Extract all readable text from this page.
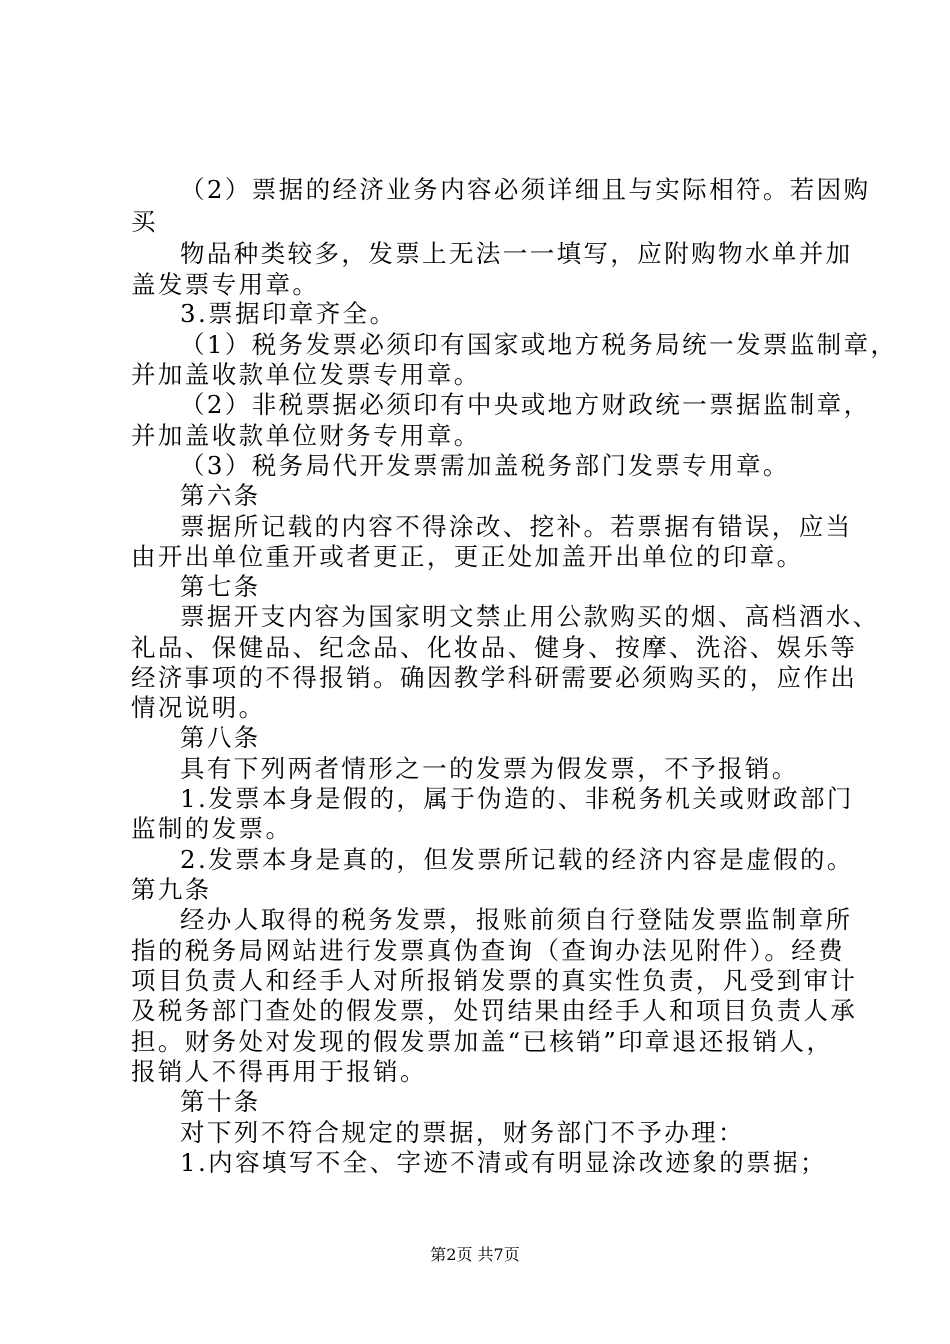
（2）票据的经济业务内容必须详细且与实际相符。若因购
买
物品种类较多，发票上无法一一填写，应附购物水单并加
盖发票专用章。
3.票据印章齐全。
（1）税务发票必须印有国家或地方税务局统一发票监制章，
并加盖收款单位发票专用章。
（2）非税票据必须印有中央或地方财政统一票据监制章，
并加盖收款单位财务专用章。
（3）税务局代开发票需加盖税务部门发票专用章。
第六条
票据所记载的内容不得涂改、挖补。若票据有错误，应当
由开出单位重开或者更正，更正处加盖开出单位的印章。
第七条
票据开支内容为国家明文禁止用公款购买的烟、高档酒水、
礼品、保健品、纪念品、化妆品、健身、按摩、洗浴、娱乐等
经济事项的不得报销。确因教学科研需要必须购买的，应作出
情况说明。
第八条
具有下列两者情形之一的发票为假发票，不予报销。
1.发票本身是假的，属于伪造的、非税务机关或财政部门
监制的发票。
2.发票本身是真的，但发票所记载的经济内容是虚假的。
第九条
经办人取得的税务发票，报账前须自行登陆发票监制章所
指的税务局网站进行发票真伪查询（查询办法见附件）。经费
项目负责人和经手人对所报销发票的真实性负责，凡受到审计
及税务部门查处的假发票，处罚结果由经手人和项目负责人承
担。财务处对发现的假发票加盖“已核销”印章退还报销人，
报销人不得再用于报销。
第十条
对下列不符合规定的票据，财务部门不予办理：
1.内容填写不全、字迹不清或有明显涂改迹象的票据；
第2页 共7页
